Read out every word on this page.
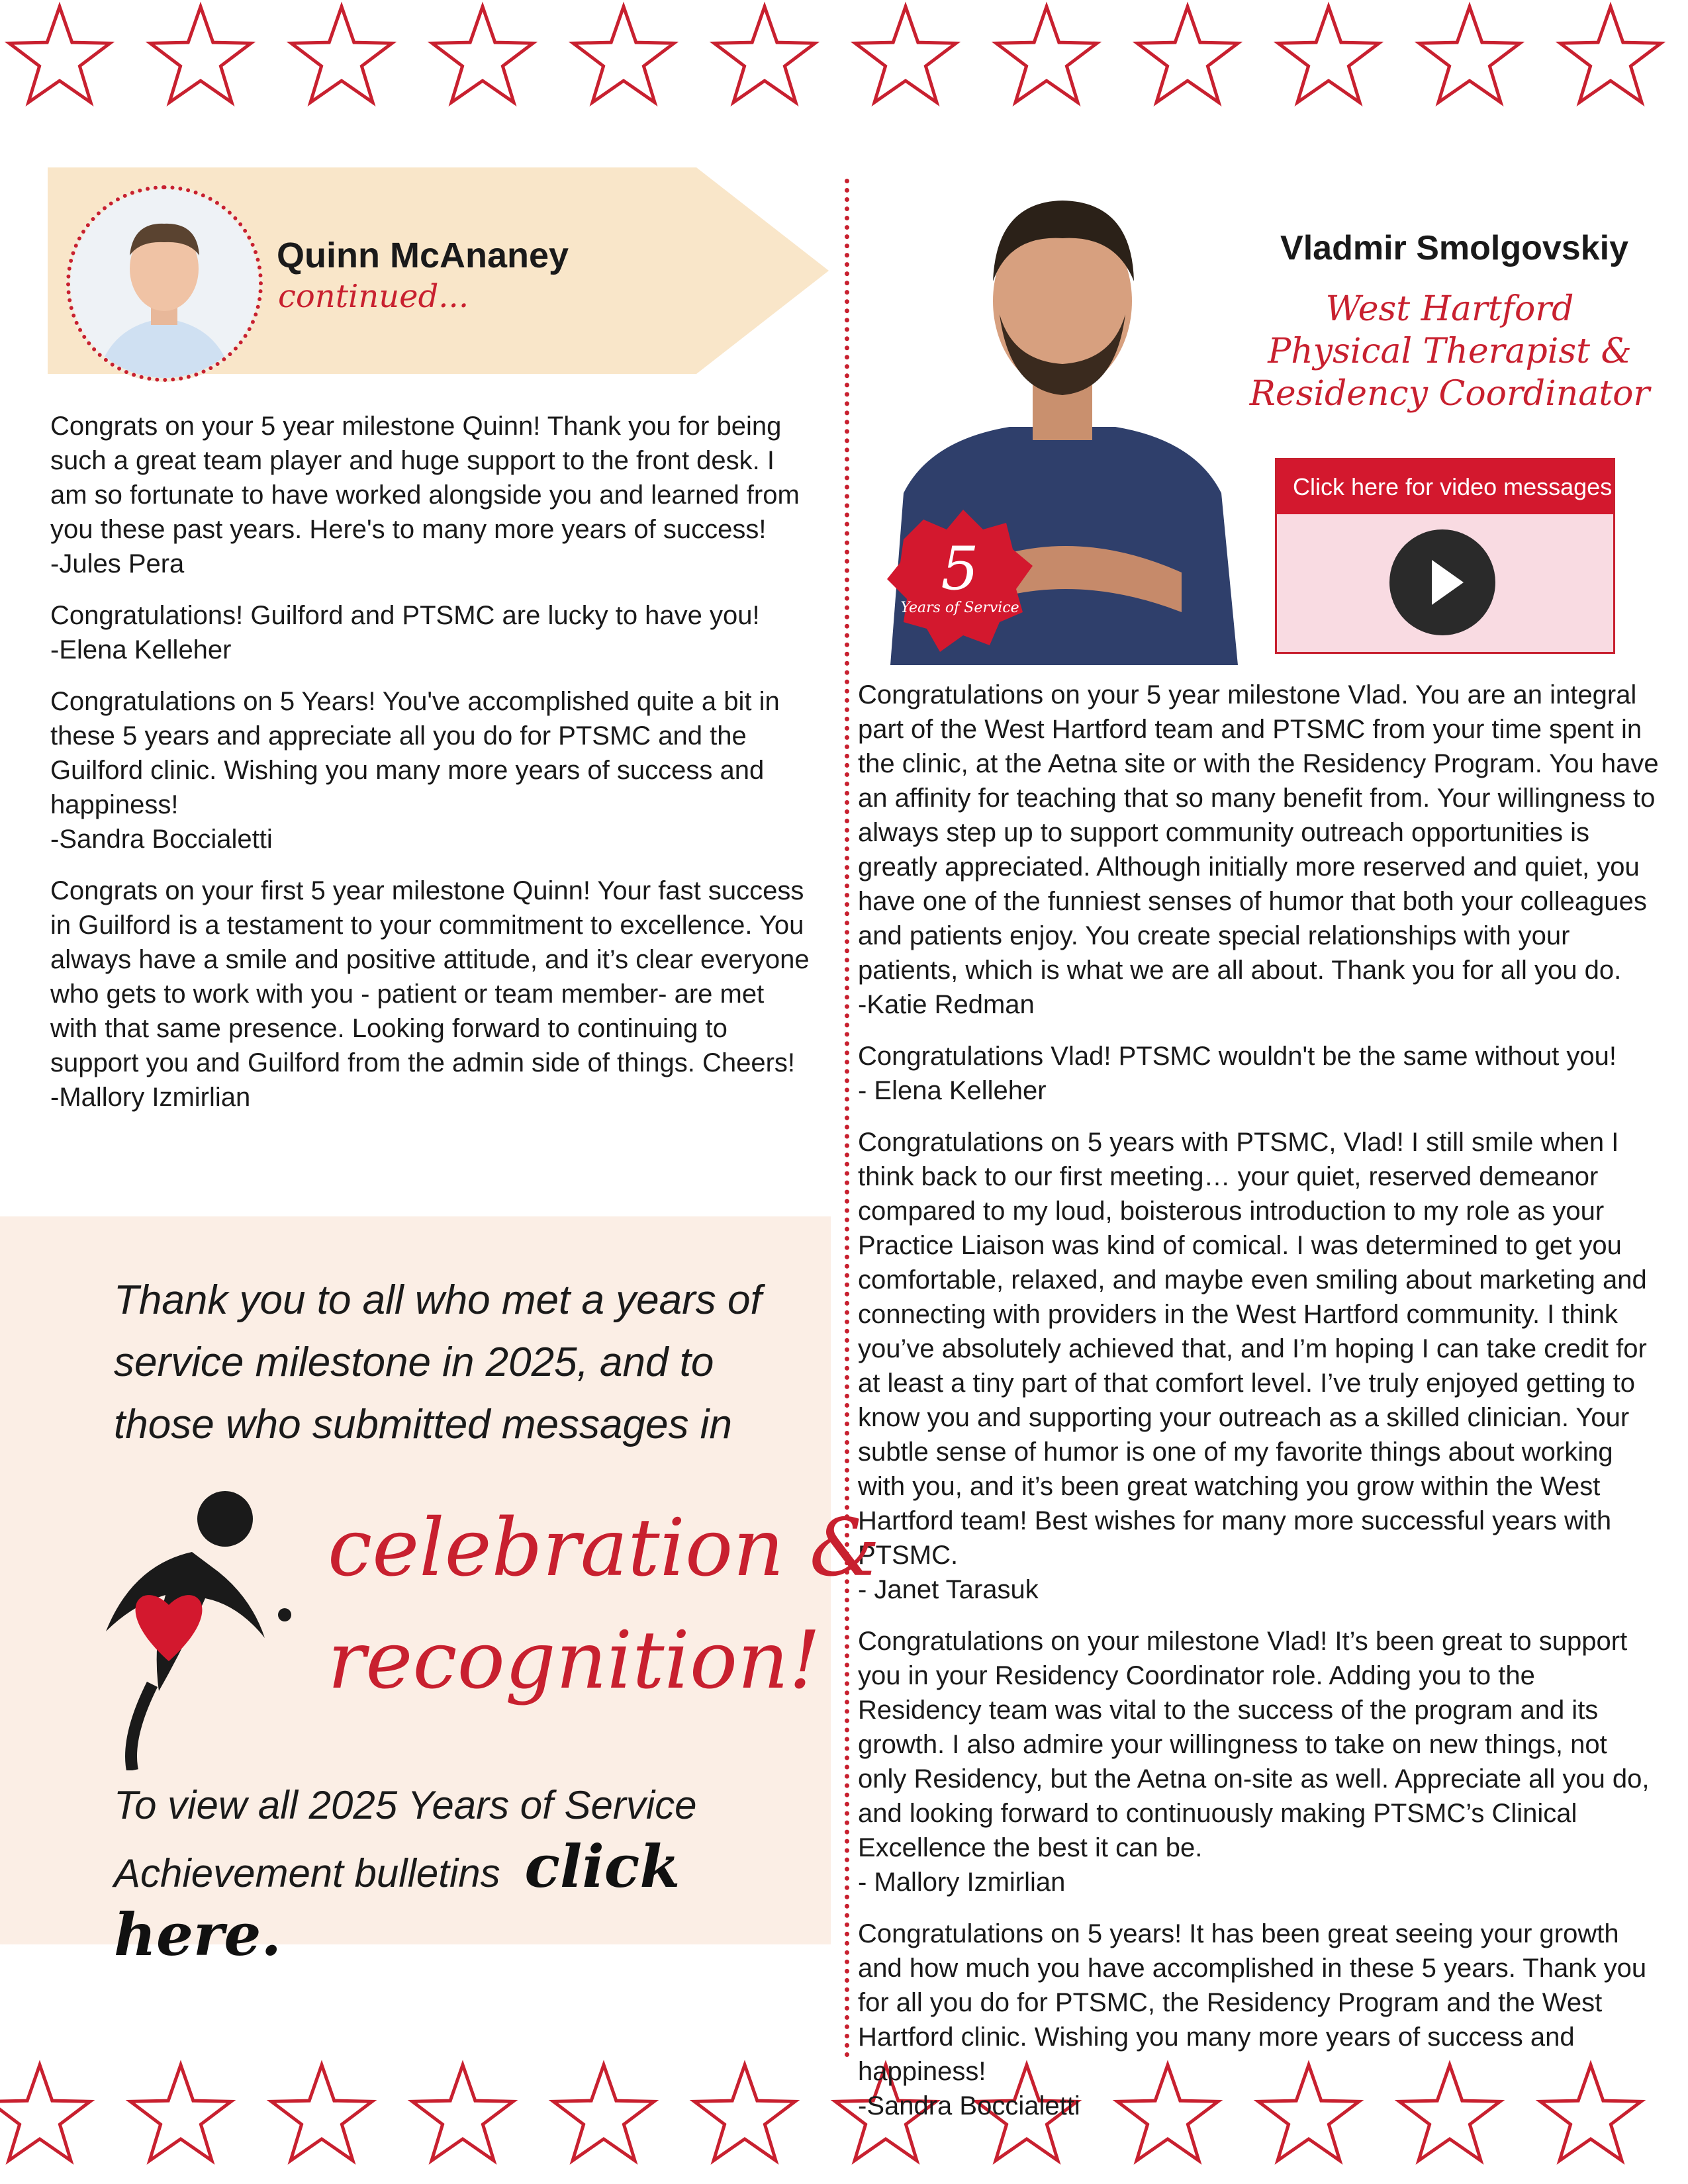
Quinn McAnaney
continued...

Congrats on your 5 year milestone Quinn! Thank you for being such a great team player and huge support to the front desk. I am so fortunate to have worked alongside you and learned from you these past years. Here's to many more years of success!
-Jules Pera

Congratulations! Guilford and PTSMC are lucky to have you!
-Elena Kelleher

Congratulations on 5 Years! You've accomplished quite a bit in these 5 years and appreciate all you do for PTSMC and the Guilford clinic. Wishing you many more years of success and happiness!
-Sandra Boccialetti

Congrats on your first 5 year milestone Quinn! Your fast success in Guilford is a testament to your commitment to excellence. You always have a smile and positive attitude, and it’s clear everyone who gets to work with you - patient or team member- are met with that same presence. Looking forward to continuing to support you and Guilford from the admin side of things. Cheers!
-Mallory Izmirlian

5
Years of Service
Vladmir Smolgovskiy
West Hartford
Physical Therapist &
Residency Coordinator
Click here for video messages

Congratulations on your 5 year milestone Vlad. You are an integral part of the West Hartford team and PTSMC from your time spent in the clinic, at the Aetna site or with the Residency Program. You have an affinity for teaching that so many benefit from. Your willingness to always step up to support community outreach opportunities is greatly appreciated. Although initially more reserved and quiet, you have one of the funniest senses of humor that both your colleagues and patients enjoy. You create special relationships with your patients, which is what we are all about. Thank you for all you do.
-Katie Redman

Congratulations Vlad! PTSMC wouldn't be the same without you!
- Elena Kelleher

Congratulations on 5 years with PTSMC, Vlad! I still smile when I think back to our first meeting… your quiet, reserved demeanor compared to my loud, boisterous introduction to my role as your Practice Liaison was kind of comical. I was determined to get you comfortable, relaxed, and maybe even smiling about marketing and connecting with providers in the West Hartford community. I think you’ve absolutely achieved that, and I’m hoping I can take credit for at least a tiny part of that comfort level. I’ve truly enjoyed getting to know you and supporting your outreach as a skilled clinician. Your subtle sense of humor is one of my favorite things about working with you, and it’s been great watching you grow within the West Hartford team! Best wishes for many more successful years with PTSMC.
- Janet Tarasuk

Congratulations on your milestone Vlad! It’s been great to support you in your Residency Coordinator role. Adding you to the Residency team was vital to the success of the program and its growth. I also admire your willingness to take on new things, not only Residency, but the Aetna on-site as well. Appreciate all you do, and looking forward to continuously making PTSMC’s Clinical Excellence the best it can be.
- Mallory Izmirlian

Congratulations on 5 years! It has been great seeing your growth and how much you have accomplished in these 5 years. Thank you for all you do for PTSMC, the Residency Program and the West Hartford clinic. Wishing you many more years of success and happiness!
-Sandra Boccialetti

Thank you to all who met a years of service milestone in 2025, and to those who submitted messages in
celebration &
recognition!
To view all 2025 Years of Service Achievement bulletins click here.
